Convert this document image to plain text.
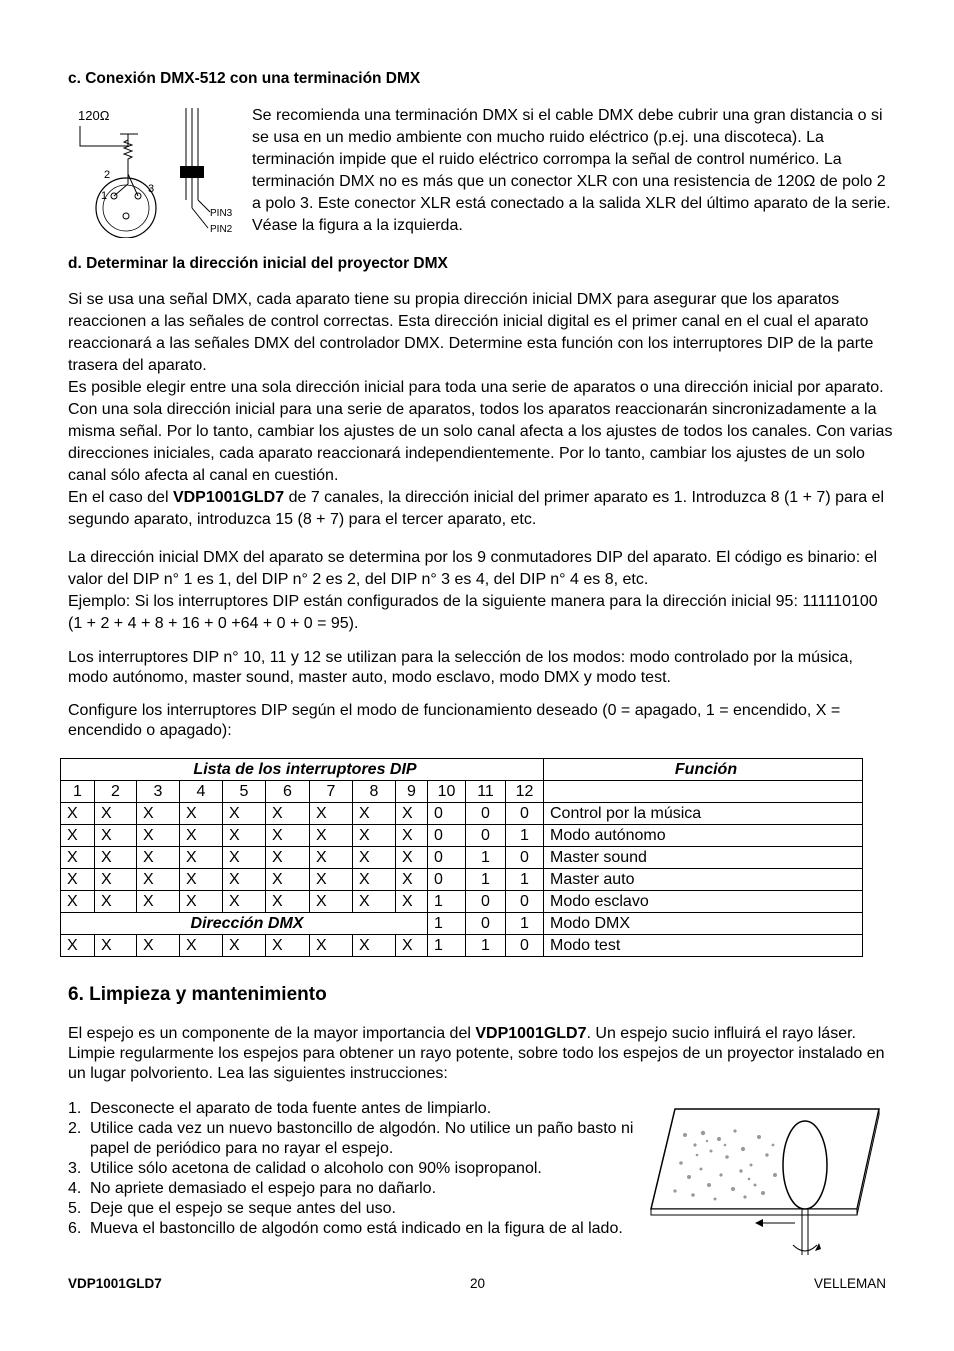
c. Conexión DMX-512 con una terminación DMX
120Ω
2
1
3
PIN3
PIN2
Se recomienda una terminación DMX si el cable DMX debe cubrir una gran distancia o si
se usa en un medio ambiente con mucho ruido eléctrico (p.ej. una discoteca). La
terminación impide que el ruido eléctrico corrompa la señal de control numérico. La
terminación DMX no es más que un conector XLR con una resistencia de 120Ω de polo 2
a polo 3. Este conector XLR está conectado a la salida XLR del último aparato de la serie.
Véase la figura a la izquierda.
d. Determinar la dirección inicial del proyector DMX
Si se usa una señal DMX, cada aparato tiene su propia dirección inicial DMX para asegurar que los aparatos
reaccionen a las señales de control correctas. Esta dirección inicial digital es el primer canal en el cual el aparato
reaccionará a las señales DMX del controlador DMX. Determine esta función con los interruptores DIP de la parte
trasera del aparato.
Es posible elegir entre una sola dirección inicial para toda una serie de aparatos o una dirección inicial por aparato.
Con una sola dirección inicial para una serie de aparatos, todos los aparatos reaccionarán sincronizadamente a la
misma señal. Por lo tanto, cambiar los ajustes de un solo canal afecta a los ajustes de todos los canales. Con varias
direcciones iniciales, cada aparato reaccionará independientemente. Por lo tanto, cambiar los ajustes de un solo
canal sólo afecta al canal en cuestión.
En el caso del VDP1001GLD7 de 7 canales, la dirección inicial del primer aparato es 1. Introduzca 8 (1 + 7) para el
segundo aparato, introduzca 15 (8 + 7) para el tercer aparato, etc.
La dirección inicial DMX del aparato se determina por los 9 conmutadores DIP del aparato. El código es binario: el
valor del DIP n° 1 es 1, del DIP n° 2 es 2, del DIP n° 3 es 4, del DIP n° 4 es 8, etc.
Ejemplo: Si los interruptores DIP están configurados de la siguiente manera para la dirección inicial 95: 111110100
(1 + 2 + 4 + 8 + 16 + 0 +64 + 0 + 0 = 95).
Los interruptores DIP n° 10, 11 y 12 se utilizan para la selección de los modos: modo controlado por la música,
modo autónomo, master sound, master auto, modo esclavo, modo DMX y modo test.
Configure los interruptores DIP según el modo de funcionamiento deseado (0 = apagado, 1 = encendido, X =
encendido o apagado):
Lista de los interruptores DIP												Función
1	2	3	4	5	6	7	8	9	10	11	12	
X	X	X	X	X	X	X	X	X	0	0	0	Control por la música
X	X	X	X	X	X	X	X	X	0	0	1	Modo autónomo
X	X	X	X	X	X	X	X	X	0	1	0	Master sound
X	X	X	X	X	X	X	X	X	0	1	1	Master auto
X	X	X	X	X	X	X	X	X	1	0	0	Modo esclavo
Dirección DMX									1	0	1	Modo DMX
X	X	X	X	X	X	X	X	X	1	1	0	Modo test
6. Limpieza y mantenimiento
El espejo es un componente de la mayor importancia del VDP1001GLD7. Un espejo sucio influirá el rayo láser.
Limpie regularmente los espejos para obtener un rayo potente, sobre todo los espejos de un proyector instalado en
un lugar polvoriento. Lea las siguientes instrucciones:
1. Desconecte el aparato de toda fuente antes de limpiarlo.
2. Utilice cada vez un nuevo bastoncillo de algodón. No utilice un paño basto ni
papel de periódico para no rayar el espejo.
3. Utilice sólo acetona de calidad o alcoholo con 90% isopropanol.
4. No apriete demasiado el espejo para no dañarlo.
5. Deje que el espejo se seque antes del uso.
6. Mueva el bastoncillo de algodón como está indicado en la figura de al lado.
VDP1001GLD7	20	VELLEMAN
